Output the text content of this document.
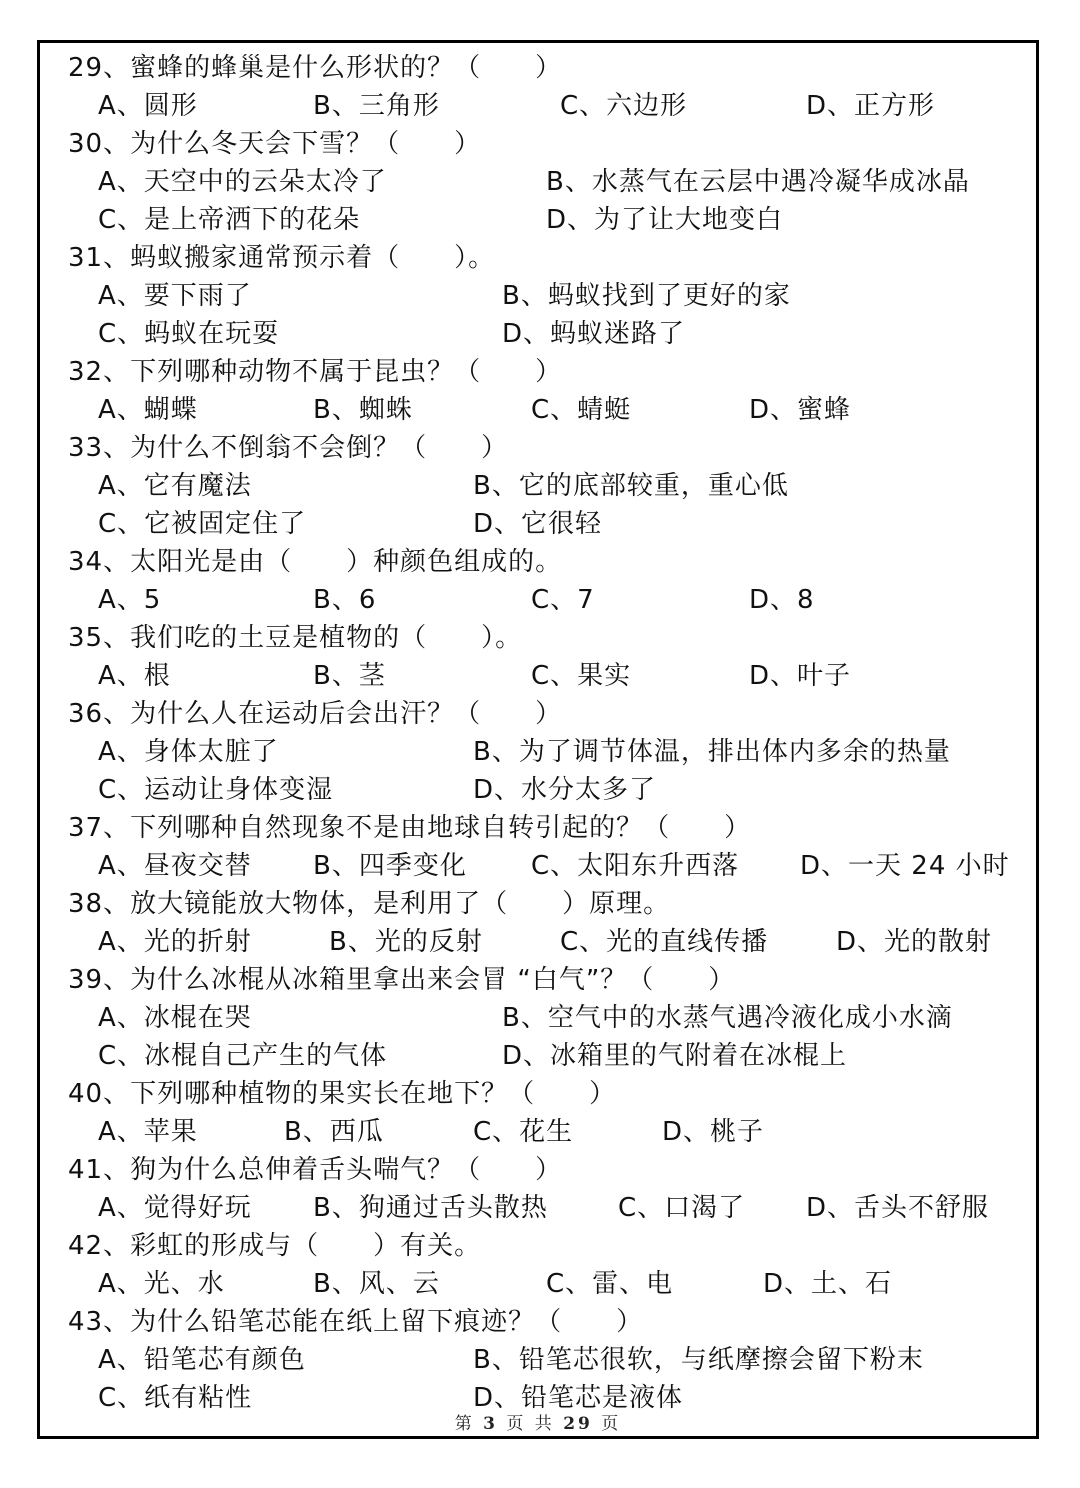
29、蜜蜂的蜂巢是什么形状的？（　　）
A、圆形	B、三角形	C、六边形	D、正方形
30、为什么冬天会下雪？（　　）
A、天空中的云朵太冷了	B、水蒸气在云层中遇冷凝华成冰晶
C、是上帝洒下的花朵	D、为了让大地变白
31、蚂蚁搬家通常预示着（　　）。
A、要下雨了	B、蚂蚁找到了更好的家
C、蚂蚁在玩耍	D、蚂蚁迷路了
32、下列哪种动物不属于昆虫？（　　）
A、蝴蝶	B、蜘蛛	C、蜻蜓	D、蜜蜂
33、为什么不倒翁不会倒？（　　）
A、它有魔法	B、它的底部较重，重心低
C、它被固定住了	D、它很轻
34、太阳光是由（　　）种颜色组成的。
A、5	B、6	C、7	D、8
35、我们吃的土豆是植物的（　　）。
A、根	B、茎	C、果实	D、叶子
36、为什么人在运动后会出汗？（　　）
A、身体太脏了	B、为了调节体温，排出体内多余的热量
C、运动让身体变湿	D、水分太多了
37、下列哪种自然现象不是由地球自转引起的？（　　）
A、昼夜交替 B、四季变化 C、太阳东升西落 D、一天 24 小时
38、放大镜能放大物体，是利用了（　　）原理。
A、光的折射	B、光的反射	C、光的直线传播	D、光的散射
39、为什么冰棍从冰箱里拿出来会冒 “白气”？（　　）
A、冰棍在哭	B、空气中的水蒸气遇冷液化成小水滴
C、冰棍自己产生的气体	D、冰箱里的气附着在冰棍上
40、下列哪种植物的果实长在地下？（　　）
A、苹果	B、西瓜	C、花生	D、桃子
41、狗为什么总伸着舌头喘气？（　　）
A、觉得好玩 B、狗通过舌头散热	C、口渴了 D、舌头不舒服
42、彩虹的形成与（　　）有关。
A、光、水	B、风、云	C、雷、电	D、土、石
43、为什么铅笔芯能在纸上留下痕迹？（　　）
A、铅笔芯有颜色	B、铅笔芯很软，与纸摩擦会留下粉末
C、纸有粘性	D、铅笔芯是液体
第 3 页 共 29 页
